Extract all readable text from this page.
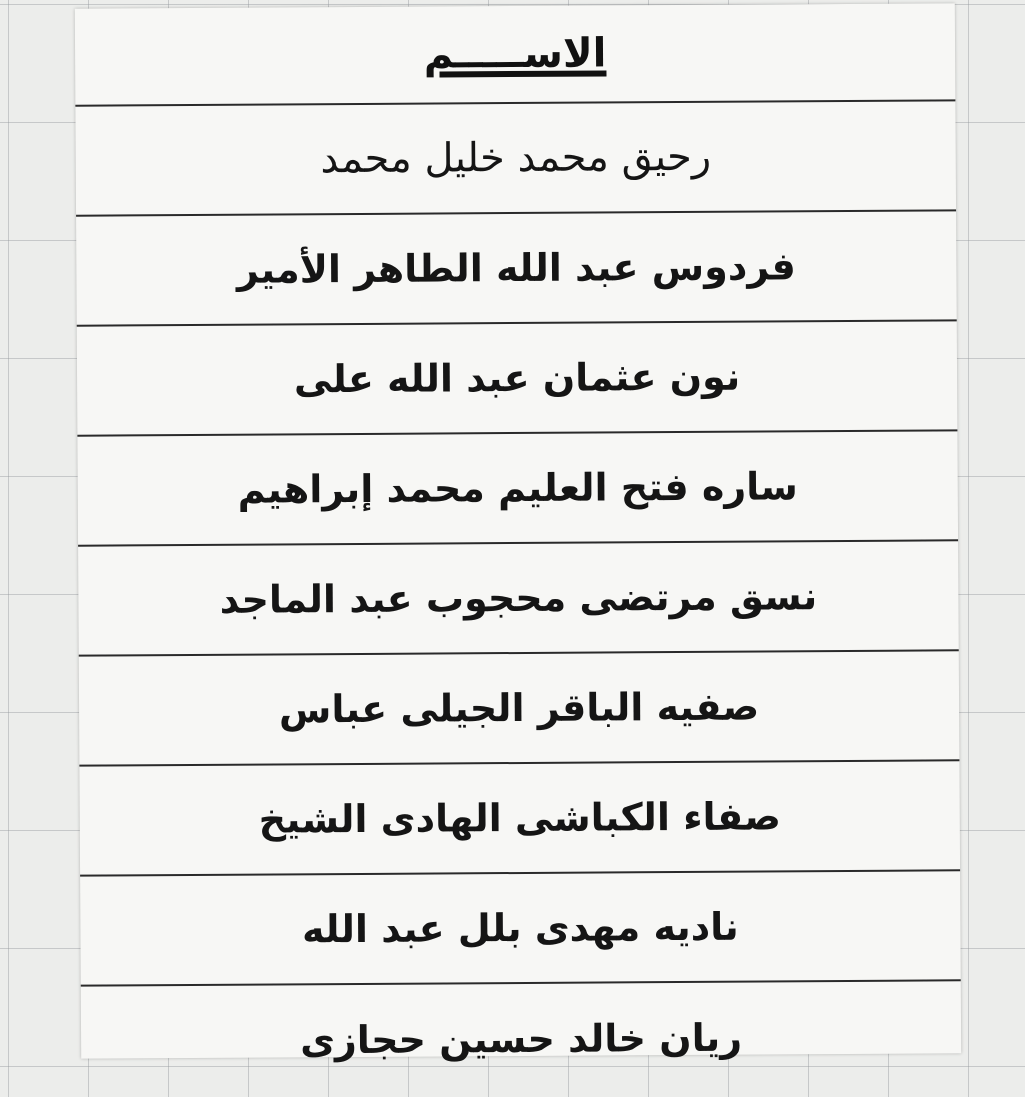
الاســـــم
رحيق محمد خليل محمد
فردوس عبد الله الطاهر الأمير
نون عثمان عبد الله على
ساره فتح العليم محمد إبراهيم
نسق مرتضى محجوب عبد الماجد
صفيه الباقر الجيلى عباس
صفاء الكباشى الهادى الشيخ
ناديه مهدى بلل عبد الله
ريان خالد حسين حجازى
